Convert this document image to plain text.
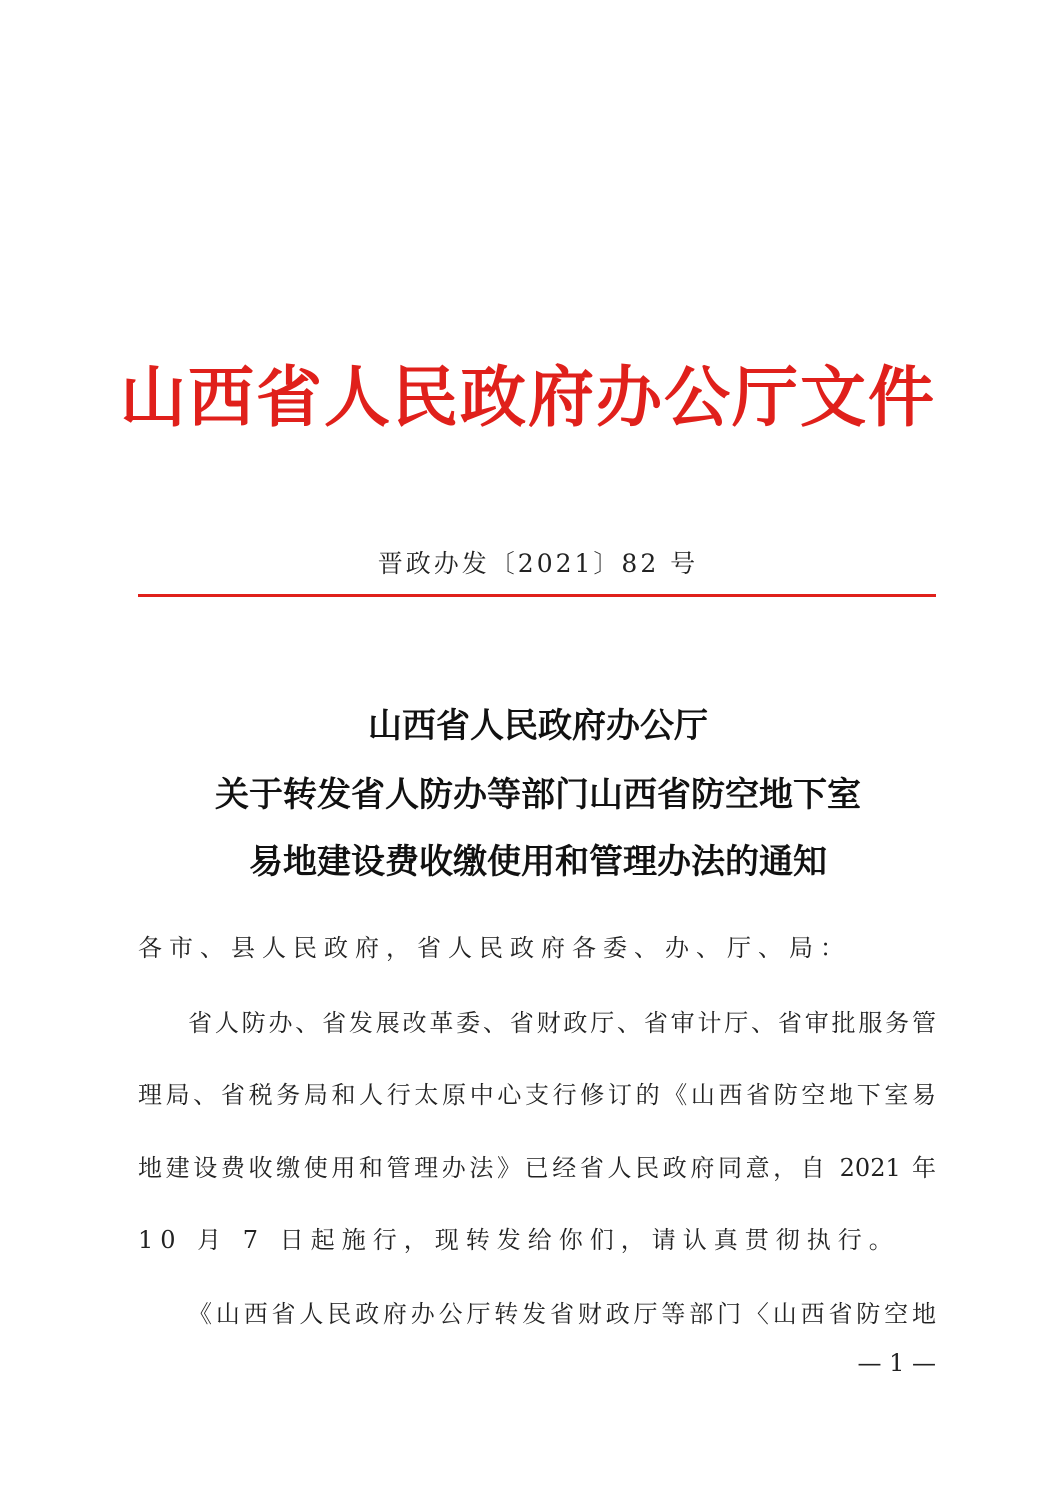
山西省人民政府办公厅文件
晋政办发〔2021〕82 号
山西省人民政府办公厅
关于转发省人防办等部门山西省防空地下室
易地建设费收缴使用和管理办法的通知
各市、县人民政府，省人民政府各委、办、厅、局：
省人防办、省发展改革委、省财政厅、省审计厅、省审批服务管
理局、省税务局和人行太原中心支行修订的《山西省防空地下室易
地建设费收缴使用和管理办法》已经省人民政府同意，自 2021 年
10 月 7 日起施行，现转发给你们，请认真贯彻执行。
《山西省人民政府办公厅转发省财政厅等部门〈山西省防空地
— 1 —
